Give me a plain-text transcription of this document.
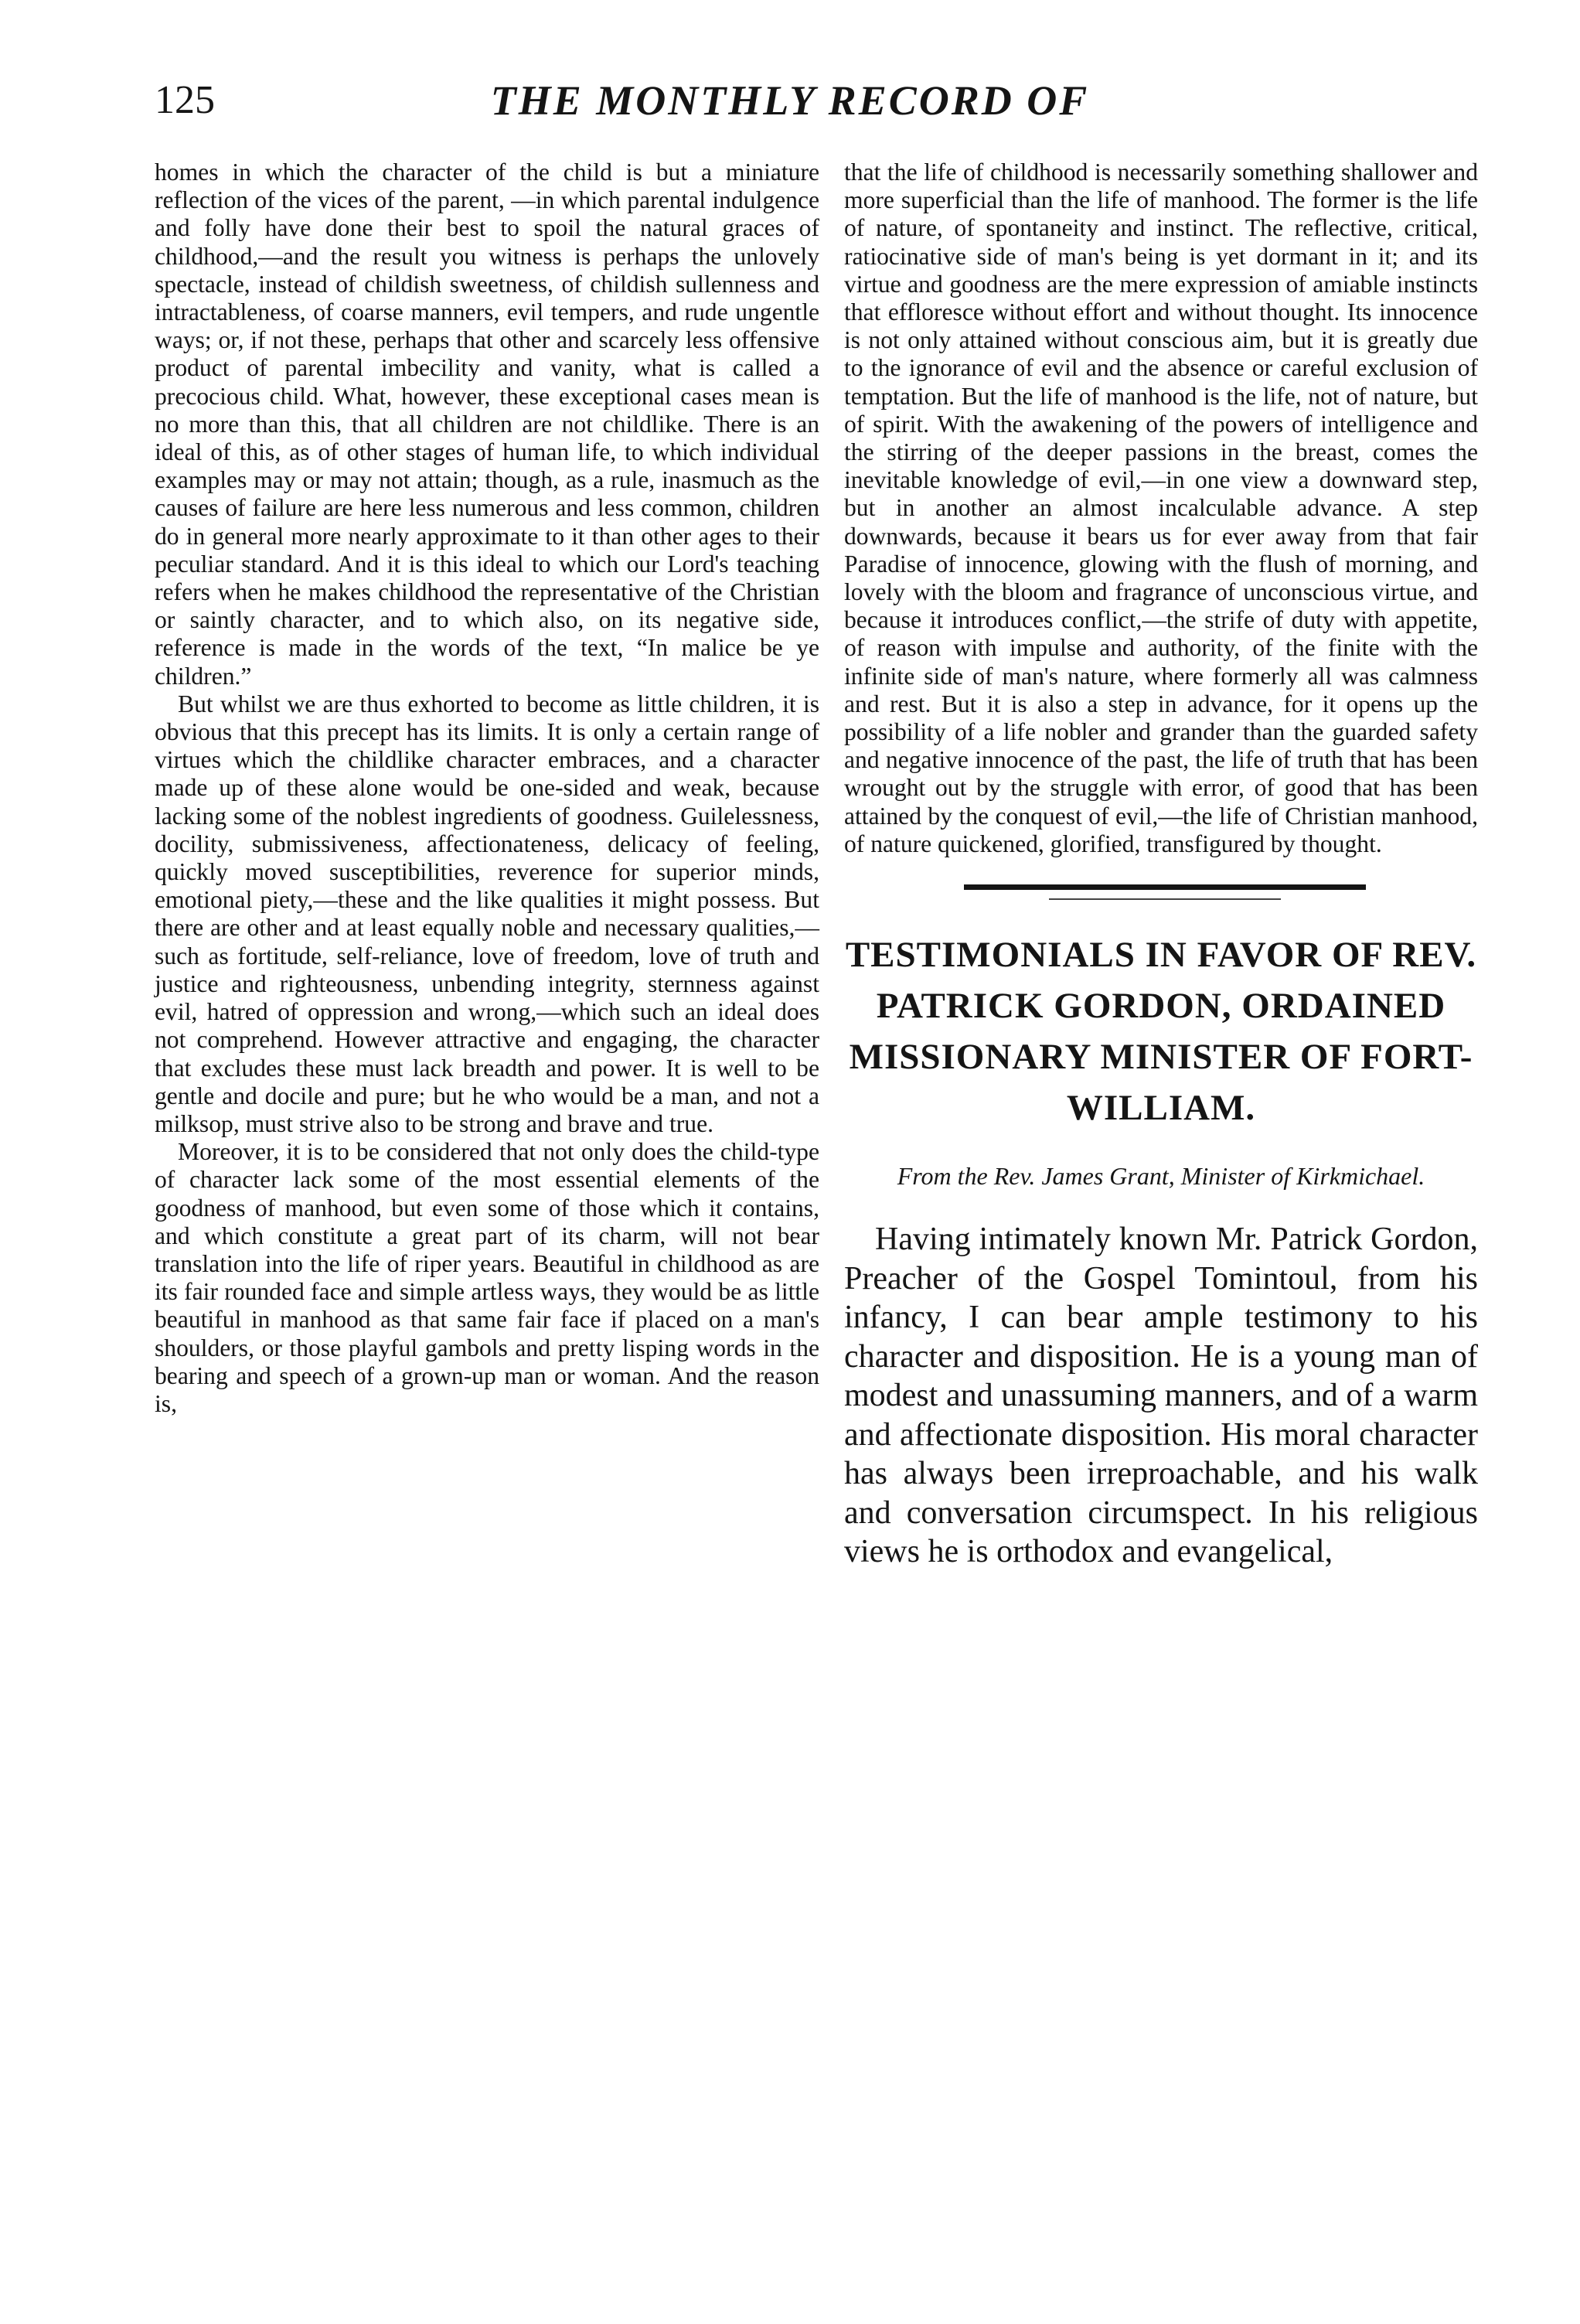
125	THE MONTHLY RECORD OF

homes in which the character of the child is but a miniature reflection of the vices of the parent, —in which parental indulgence and folly have done their best to spoil the natural graces of childhood,—and the result you witness is perhaps the unlovely spectacle, instead of childish sweetness, of childish sullenness and intractableness, of coarse manners, evil tempers, and rude ungentle ways; or, if not these, perhaps that other and scarcely less offensive product of parental imbecility and vanity, what is called a precocious child. What, however, these exceptional cases mean is no more than this, that all children are not childlike. There is an ideal of this, as of other stages of human life, to which individual examples may or may not attain; though, as a rule, inasmuch as the causes of failure are here less numerous and less common, children do in general more nearly approximate to it than other ages to their peculiar standard. And it is this ideal to which our Lord's teaching refers when he makes childhood the representative of the Christian or saintly character, and to which also, on its negative side, reference is made in the words of the text, “In malice be ye children.”

But whilst we are thus exhorted to become as little children, it is obvious that this precept has its limits. It is only a certain range of virtues which the childlike character embraces, and a character made up of these alone would be one-sided and weak, because lacking some of the noblest ingredients of goodness. Guilelessness, docility, submissiveness, affectionateness, delicacy of feeling, quickly moved susceptibilities, reverence for superior minds, emotional piety,—these and the like qualities it might possess. But there are other and at least equally noble and necessary qualities,—such as fortitude, self-reliance, love of freedom, love of truth and justice and righteousness, unbending integrity, sternness against evil, hatred of oppression and wrong,—which such an ideal does not comprehend. However attractive and engaging, the character that excludes these must lack breadth and power. It is well to be gentle and docile and pure; but he who would be a man, and not a milksop, must strive also to be strong and brave and true.

Moreover, it is to be considered that not only does the child-type of character lack some of the most essential elements of the goodness of manhood, but even some of those which it contains, and which constitute a great part of its charm, will not bear translation into the life of riper years. Beautiful in childhood as are its fair rounded face and simple artless ways, they would be as little beautiful in manhood as that same fair face if placed on a man's shoulders, or those playful gambols and pretty lisping words in the bearing and speech of a grown-up man or woman. And the reason is,

that the life of childhood is necessarily something shallower and more superficial than the life of manhood. The former is the life of nature, of spontaneity and instinct. The reflective, critical, ratiocinative side of man's being is yet dormant in it; and its virtue and goodness are the mere expression of amiable instincts that effloresce without effort and without thought. Its innocence is not only attained without conscious aim, but it is greatly due to the ignorance of evil and the absence or careful exclusion of temptation. But the life of manhood is the life, not of nature, but of spirit. With the awakening of the powers of intelligence and the stirring of the deeper passions in the breast, comes the inevitable knowledge of evil,—in one view a downward step, but in another an almost incalculable advance. A step downwards, because it bears us for ever away from that fair Paradise of innocence, glowing with the flush of morning, and lovely with the bloom and fragrance of unconscious virtue, and because it introduces conflict,—the strife of duty with appetite, of reason with impulse and authority, of the finite with the infinite side of man's nature, where formerly all was calmness and rest. But it is also a step in advance, for it opens up the possibility of a life nobler and grander than the guarded safety and negative innocence of the past, the life of truth that has been wrought out by the struggle with error, of good that has been attained by the conquest of evil,—the life of Christian manhood, of nature quickened, glorified, transfigured by thought.

TESTIMONIALS IN FAVOR OF REV. PATRICK GORDON, ORDAINED MISSIONARY MINISTER OF FORT-WILLIAM.

From the Rev. James Grant, Minister of Kirkmichael.

Having intimately known Mr. Patrick Gordon, Preacher of the Gospel Tomintoul, from his infancy, I can bear ample testimony to his character and disposition. He is a young man of modest and unassuming manners, and of a warm and affectionate disposition. His moral character has always been irreproachable, and his walk and conversation circumspect. In his religious views he is orthodox and evangelical,
